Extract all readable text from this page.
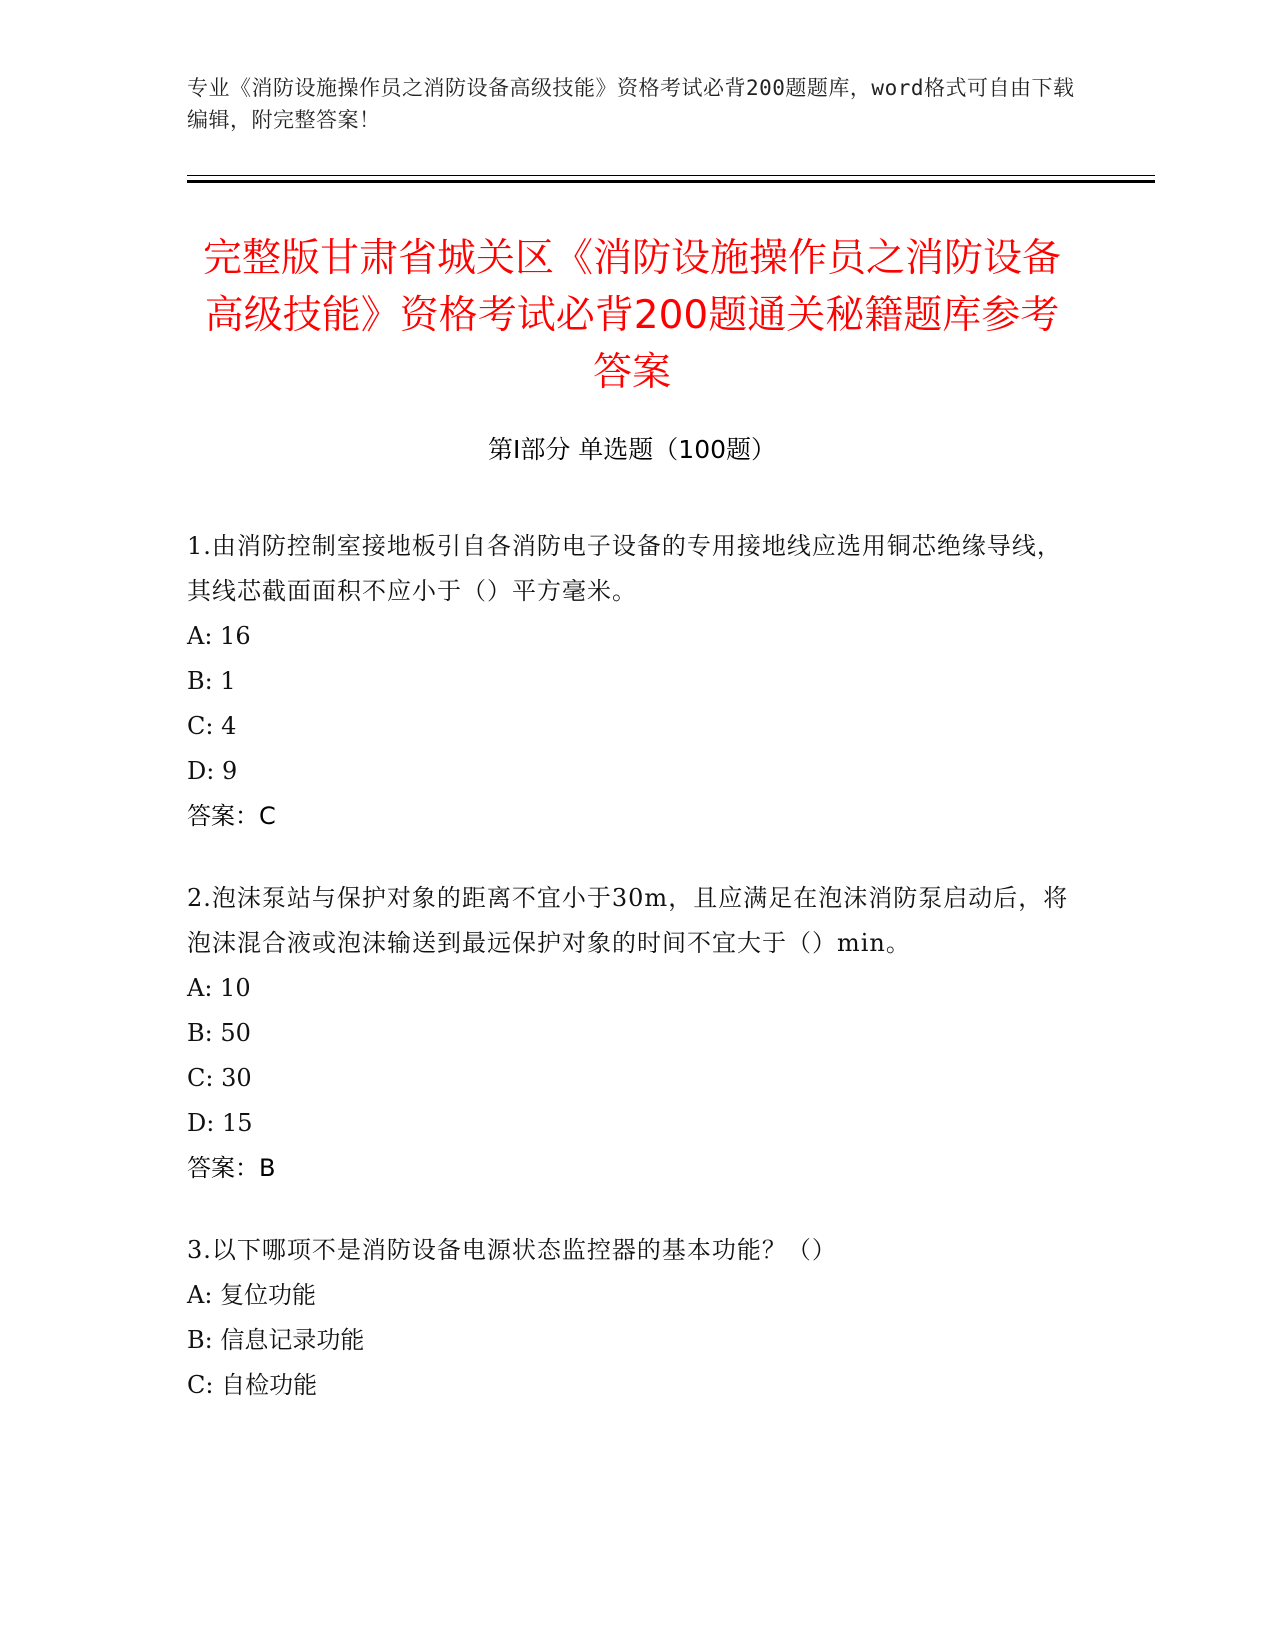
专业《消防设施操作员之消防设备高级技能》资格考试必背200题题库，word格式可自由下载编辑，附完整答案！
完整版甘肃省城关区《消防设施操作员之消防设备高级技能》资格考试必背200题通关秘籍题库参考答案
第Ⅰ部分 单选题（100题）
1.由消防控制室接地板引自各消防电子设备的专用接地线应选用铜芯绝缘导线，其线芯截面面积不应小于（）平方毫米。
A: 16
B: 1
C: 4
D: 9
答案：C
2.泡沫泵站与保护对象的距离不宜小于30m，且应满足在泡沫消防泵启动后，将泡沫混合液或泡沫输送到最远保护对象的时间不宜大于（）min。
A: 10
B: 50
C: 30
D: 15
答案：B
3.以下哪项不是消防设备电源状态监控器的基本功能？（）
A: 复位功能
B: 信息记录功能
C: 自检功能
